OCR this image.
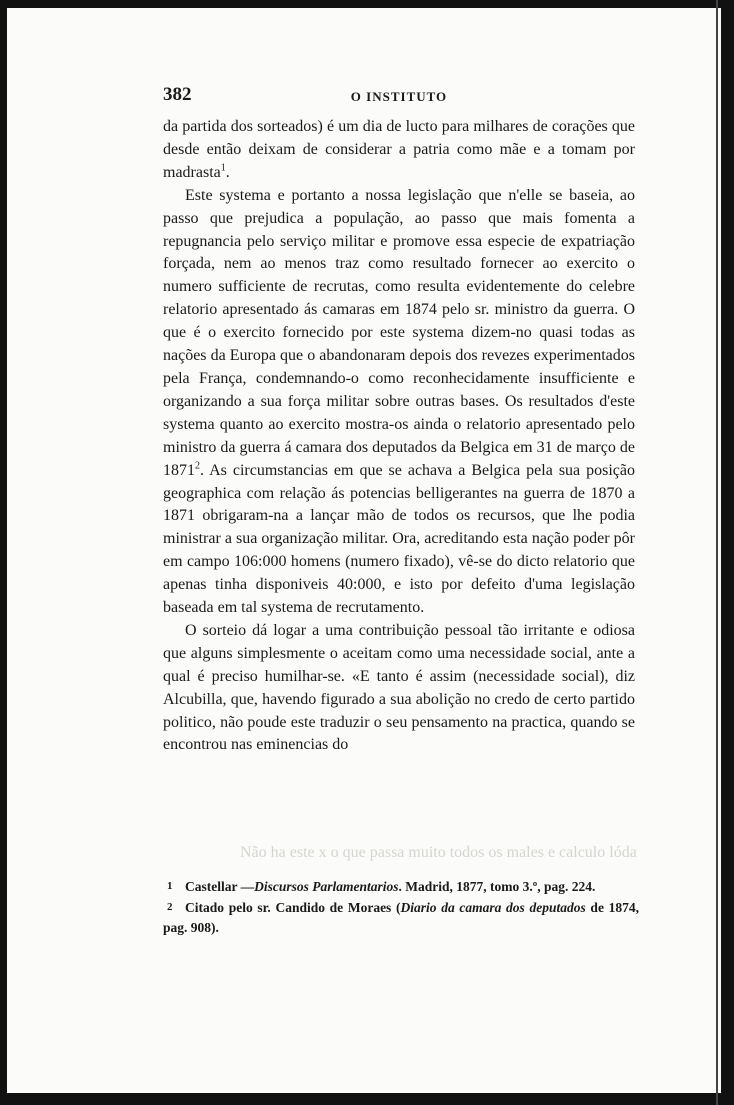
382	O INSTITUTO

da partida dos sorteados) é um dia de lucto para milhares de corações que desde então deixam de considerar a patria como mãe e a tomam por madrasta$^1$.

Este systema e portanto a nossa legislação que n'elle se baseia, ao passo que prejudica a população, ao passo que mais fomenta a repugnancia pelo serviço militar e promove essa especie de expatriação forçada, nem ao menos traz como resultado fornecer ao exercito o numero sufficiente de recrutas, como resulta evidentemente do celebre relatorio apresentado ás camaras em 1874 pelo sr. ministro da guerra. O que é o exercito fornecido por este systema dizem-no quasi todas as nações da Europa que o abandonaram depois dos revezes experimentados pela França, condemnando-o como reconhecidamente insufficiente e organizando a sua força militar sobre outras bases. Os resultados d'este systema quanto ao exercito mostra-os ainda o relatorio apresentado pelo ministro da guerra á camara dos deputados da Belgica em 31 de março de 1871$^2$. As circumstancias em que se achava a Belgica pela sua posição geographica com relação ás potencias belligerantes na guerra de 1870 a 1871 obrigaram-na a lançar mão de todos os recursos, que lhe podia ministrar a sua organização militar. Ora, acreditando esta nação poder pôr em campo 106:000 homens (numero fixado), vê-se do dicto relatorio que apenas tinha disponiveis 40:000, e isto por defeito d'uma legislação baseada em tal systema de recrutamento.

O sorteio dá logar a uma contribuição pessoal tão irritante e odiosa que alguns simplesmente o aceitam como uma necessidade social, ante a qual é preciso humilhar-se. «E tanto é assim (necessidade social), diz Alcubilla, que, havendo figurado a sua abolição no credo de certo partido politico, não poude este traduzir o seu pensamento na practica, quando se encontrou nas eminencias do

Não ha este x o que passa muito todos os males e calculo lóda

1 Castellar —Discursos Parlamentarios. Madrid, 1877, tomo 3.º, pag. 224.

2 Citado pelo sr. Candido de Moraes (Diario da camara dos deputados de 1874, pag. 908).
